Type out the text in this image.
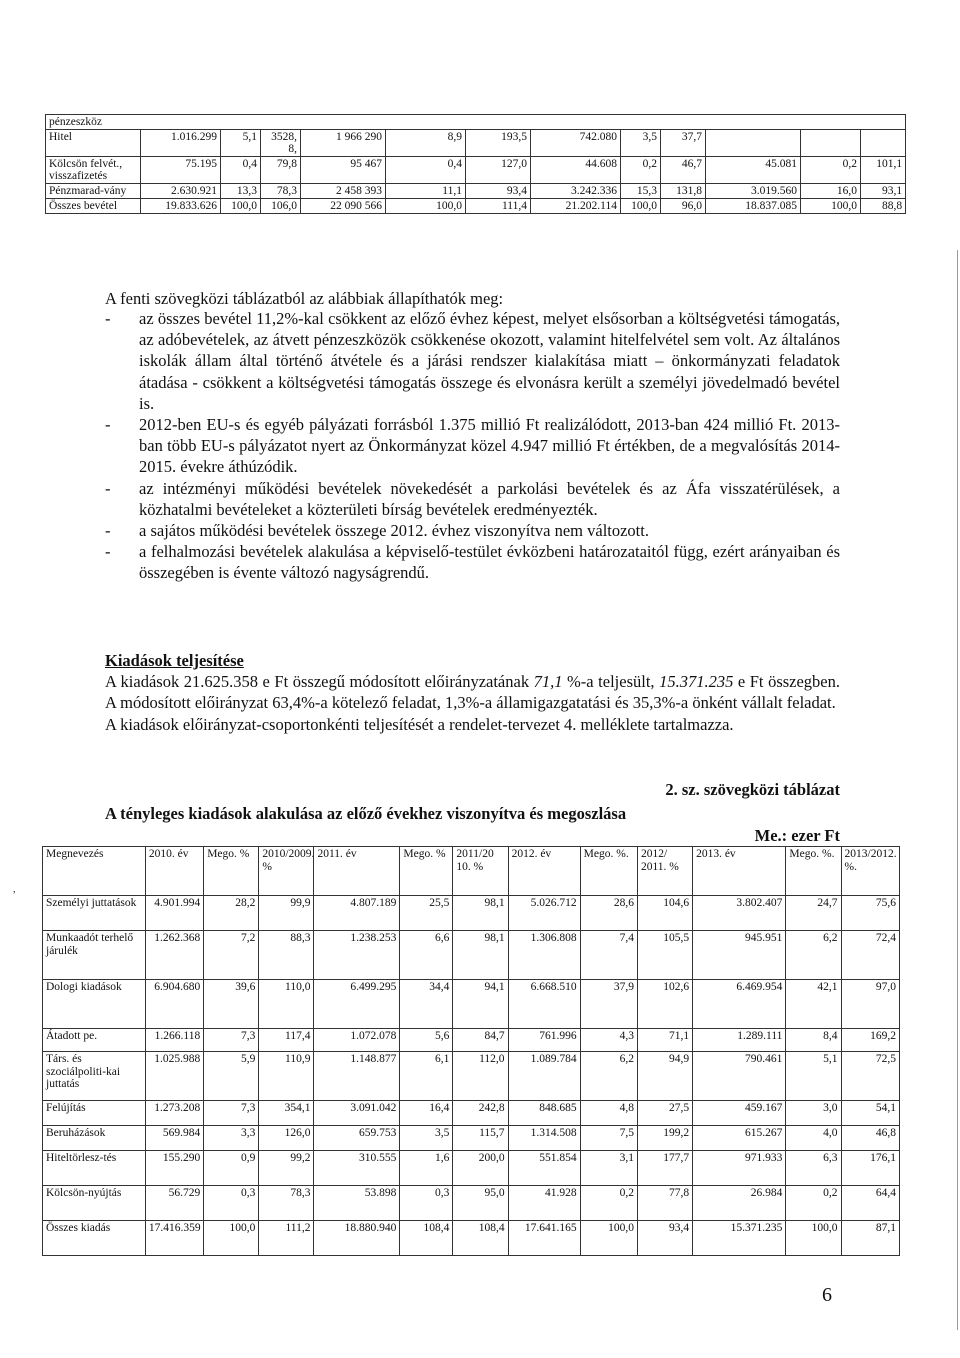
pénzeszköz												
Hitel	1.016.299	5,1	3528, 8,	1 966 290	8,9	193,5	742.080	3,5	37,7			
Kölcsön felvét., visszafizetés	75.195	0,4	79,8	95 467	0,4	127,0	44.608	0,2	46,7	45.081	0,2	101,1
Pénzmarad-vány	2.630.921	13,3	78,3	2 458 393	11,1	93,4	3.242.336	15,3	131,8	3.019.560	16,0	93,1
Összes bevétel	19.833.626	100,0	106,0	22 090 566	100,0	111,4	21.202.114	100,0	96,0	18.837.085	100,0	88,8
A fenti szövegközi táblázatból az alábbiak állapíthatók meg:
- az összes bevétel 11,2%-kal csökkent az előző évhez képest, melyet elsősorban a költségvetési támogatás, az adóbevételek, az átvett pénzeszközök csökkenése okozott, valamint hitelfelvétel sem volt. Az általános iskolák állam által történő átvétele és a járási rendszer kialakítása miatt – önkormányzati feladatok átadása - csökkent a költségvetési támogatás összege és elvonásra került a személyi jövedelmadó bevétel is.
- 2012-ben EU-s és egyéb pályázati forrásból 1.375 millió Ft realizálódott, 2013-ban 424 millió Ft. 2013-ban több EU-s pályázatot nyert az Önkormányzat közel 4.947 millió Ft értékben, de a megvalósítás 2014-2015. évekre áthúzódik.
- az intézményi működési bevételek növekedését a parkolási bevételek és az Áfa visszatérülések, a közhatalmi bevételeket a közterületi bírság bevételek eredményezték.
- a sajátos működési bevételek összege 2012. évhez viszonyítva nem változott.
- a felhalmozási bevételek alakulása a képviselő-testület évközbeni határozataitól függ, ezért arányaiban és összegében is évente változó nagyságrendű.

Kiadások teljesítése

A kiadások 21.625.358 e Ft összegű módosított előirányzatának 71,1 %-a teljesült, 15.371.235 e Ft összegben. A módosított előirányzat 63,4%-a kötelező feladat, 1,3%-a államigazgatatási és 35,3%-a önként vállalt feladat.

A kiadások előirányzat-csoportonkénti teljesítését a rendelet-tervezet 4. melléklete tartalmazza.

2. sz. szövegközi táblázat
A tényleges kiadások alakulása az előző évekhez viszonyítva és megoszlása
Me.: ezer Ft
Megnevezés	2010. év	Mego. %	2010/2009. %	2011. év	Mego. %	2011/20 10. %	2012. év	Mego. %.	2012/ 2011. %	2013. év	Mego. %.	2013/2012. %.
Személyi juttatások	4.901.994	28,2	99,9	4.807.189	25,5	98,1	5.026.712	28,6	104,6	3.802.407	24,7	75,6
Munkaadót terhelő járulék	1.262.368	7,2	88,3	1.238.253	6,6	98,1	1.306.808	7,4	105,5	945.951	6,2	72,4
Dologi kiadások	6.904.680	39,6	110,0	6.499.295	34,4	94,1	6.668.510	37,9	102,6	6.469.954	42,1	97,0
Átadott pe.	1.266.118	7,3	117,4	1.072.078	5,6	84,7	761.996	4,3	71,1	1.289.111	8,4	169,2
Társ. és szociálpoliti-kai juttatás	1.025.988	5,9	110,9	1.148.877	6,1	112,0	1.089.784	6,2	94,9	790.461	5,1	72,5
Felújítás	1.273.208	7,3	354,1	3.091.042	16,4	242,8	848.685	4,8	27,5	459.167	3,0	54,1
Beruházások	569.984	3,3	126,0	659.753	3,5	115,7	1.314.508	7,5	199,2	615.267	4,0	46,8
Hiteltörlesz-tés	155.290	0,9	99,2	310.555	1,6	200,0	551.854	3,1	177,7	971.933	6,3	176,1
Kölcsön-nyújtás	56.729	0,3	78,3	53.898	0,3	95,0	41.928	0,2	77,8	26.984	0,2	64,4
Összes kiadás	17.416.359	100,0	111,2	18.880.940	108,4	108,4	17.641.165	100,0	93,4	15.371.235	100,0	87,1
,
6
